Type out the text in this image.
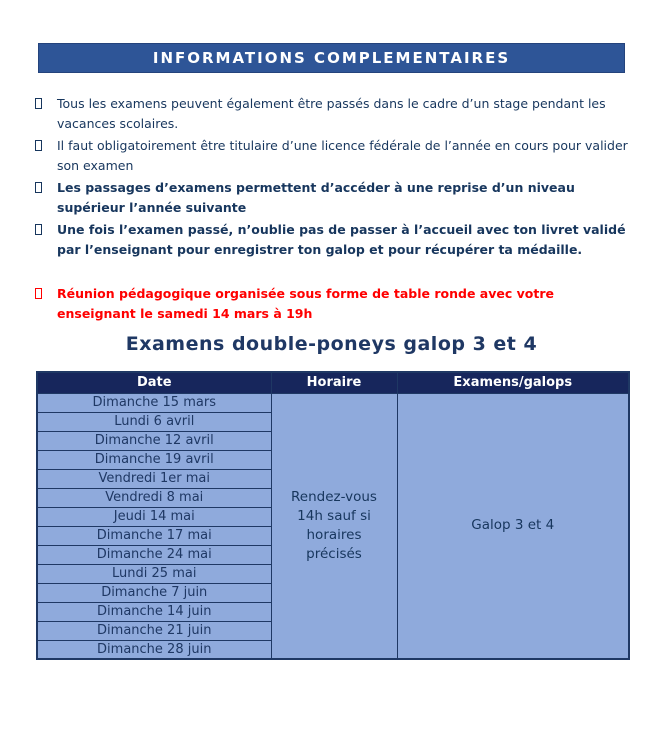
INFORMATIONS COMPLEMENTAIRES
Tous les examens peuvent également être passés dans le cadre d’un stage pendant les vacances scolaires.
Il faut obligatoirement être titulaire d’une licence fédérale de l’année en cours pour valider son examen
Les passages d’examens permettent d’accéder à une reprise d’un niveau supérieur l’année suivante
Une fois l’examen passé, n’oublie pas de passer à l’accueil avec ton livret validé par l’enseignant pour enregistrer ton galop et pour récupérer ta médaille.
Réunion pédagogique organisée sous forme de table ronde avec votre enseignant le samedi 14 mars à 19h
Examens double-poneys galop 3 et 4
Date	Horaire	Examens/galops
Dimanche 15 mars	Rendez-vous 14h sauf si horaires précisés	Galop 3 et 4
Lundi 6 avril		
Dimanche 12 avril		
Dimanche 19 avril		
Vendredi 1er mai		
Vendredi 8 mai		
Jeudi 14 mai		
Dimanche 17 mai		
Dimanche 24 mai		
Lundi 25 mai		
Dimanche 7 juin		
Dimanche 14 juin		
Dimanche 21 juin		
Dimanche 28 juin		
